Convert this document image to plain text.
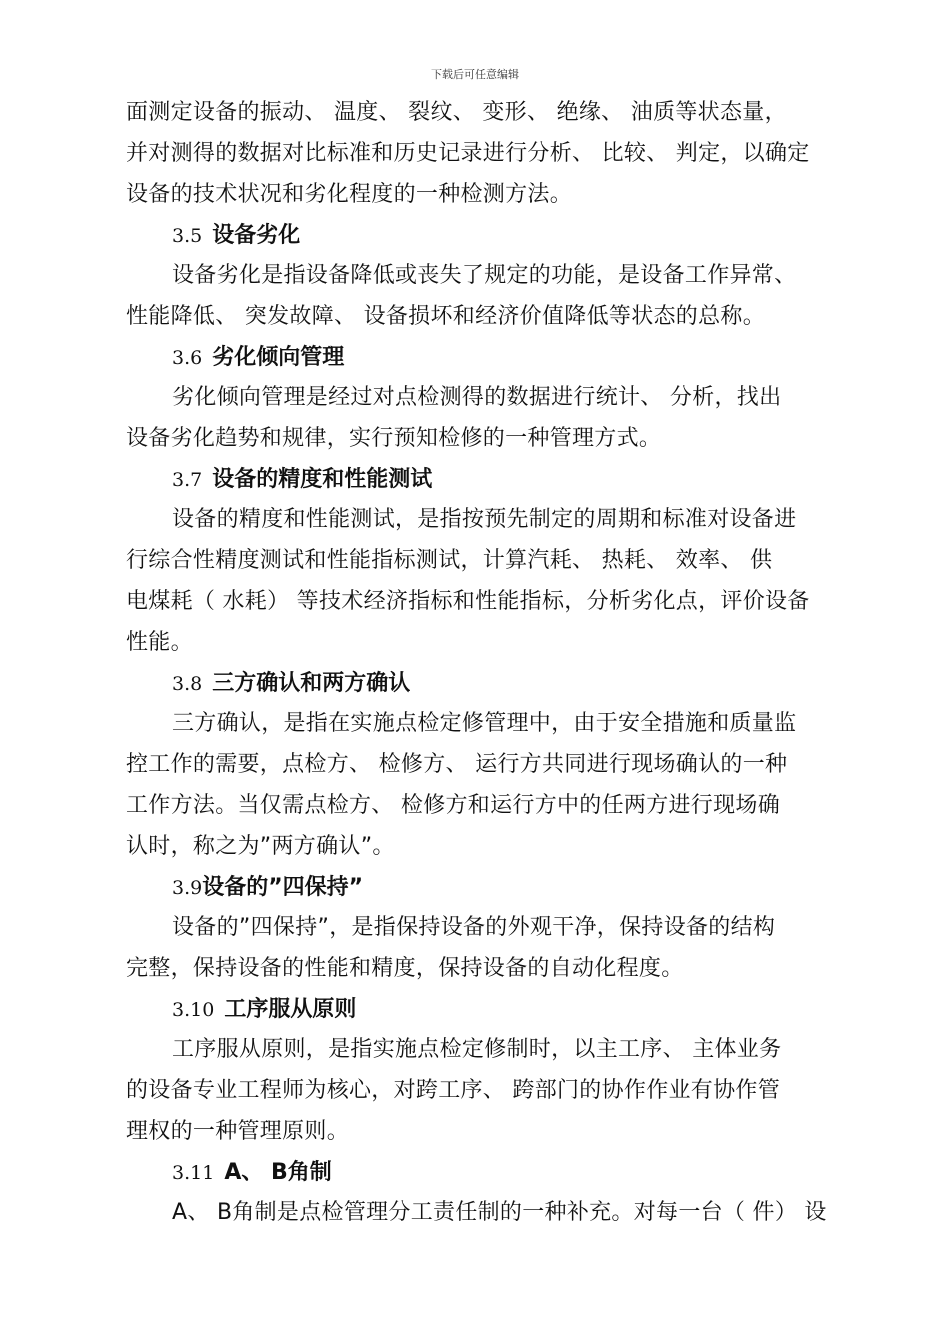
下载后可任意编辑
面测定设备的振动、 温度、 裂纹、 变形、 绝缘、 油质等状态量，
并对测得的数据对比标准和历史记录进行分析、 比较、 判定，以确定
设备的技术状况和劣化程度的一种检测方法。
3.5 设备劣化
设备劣化是指设备降低或丧失了规定的功能，是设备工作异常、
性能降低、 突发故障、 设备损坏和经济价值降低等状态的总称。
3.6 劣化倾向管理
劣化倾向管理是经过对点检测得的数据进行统计、 分析，找出
设备劣化趋势和规律，实行预知检修的一种管理方式。
3.7 设备的精度和性能测试
设备的精度和性能测试，是指按预先制定的周期和标准对设备进
行综合性精度测试和性能指标测试，计算汽耗、 热耗、 效率、 供
电煤耗（ 水耗） 等技术经济指标和性能指标，分析劣化点，评价设备
性能。
3.8 三方确认和两方确认
三方确认，是指在实施点检定修管理中，由于安全措施和质量监
控工作的需要，点检方、 检修方、 运行方共同进行现场确认的一种
工作方法。当仅需点检方、 检修方和运行方中的任两方进行现场确
认时，称之为”两方确认”。
3.9设备的”四保持”
设备的”四保持”，是指保持设备的外观干净，保持设备的结构
完整，保持设备的性能和精度，保持设备的自动化程度。
3.10 工序服从原则
工序服从原则，是指实施点检定修制时，以主工序、 主体业务
的设备专业工程师为核心，对跨工序、 跨部门的协作作业有协作管
理权的一种管理原则。
3.11 A、 B角制
A、 B角制是点检管理分工责任制的一种补充。对每一台（ 件） 设
